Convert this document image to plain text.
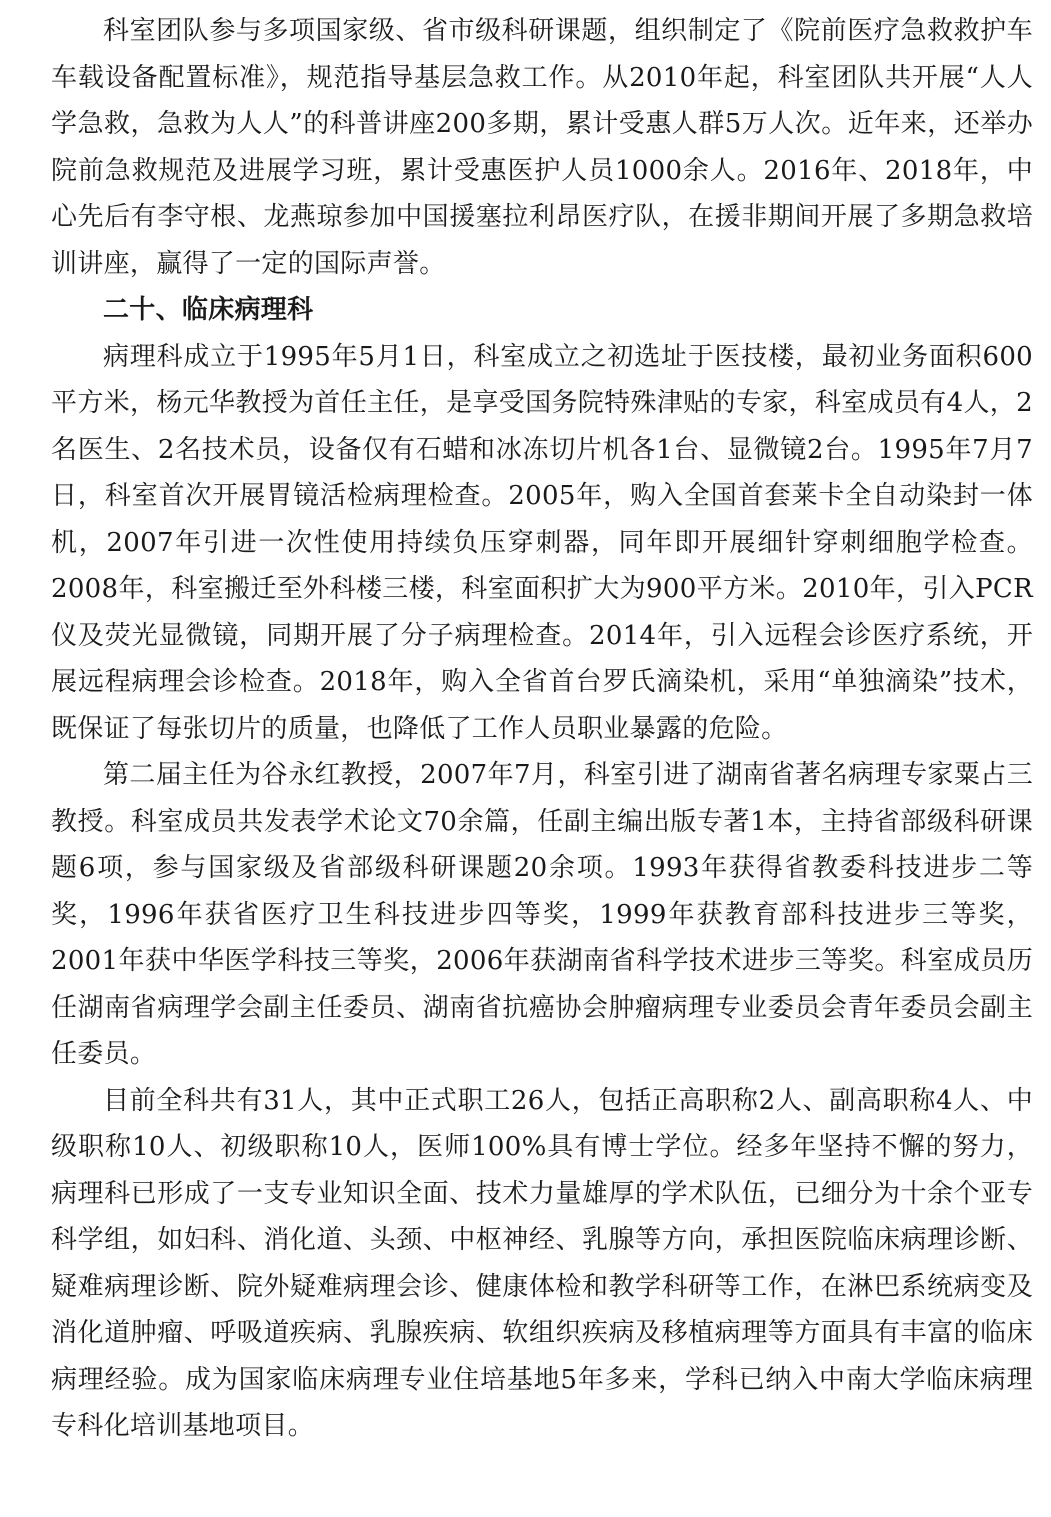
科室团队参与多项国家级、省市级科研课题，组织制定了《院前医疗急救救护车车载设备配置标准》，规范指导基层急救工作。从2010年起，科室团队共开展“人人学急救，急救为人人”的科普讲座200多期，累计受惠人群5万人次。近年来，还举办院前急救规范及进展学习班，累计受惠医护人员1000余人。2016年、2018年，中心先后有李守根、龙燕琼参加中国援塞拉利昂医疗队，在援非期间开展了多期急救培训讲座，赢得了一定的国际声誉。

二十、临床病理科

病理科成立于1995年5月1日，科室成立之初选址于医技楼，最初业务面积600平方米，杨元华教授为首任主任，是享受国务院特殊津贴的专家，科室成员有4人，2名医生、2名技术员，设备仅有石蜡和冰冻切片机各1台、显微镜2台。1995年7月7日，科室首次开展胃镜活检病理检查。2005年，购入全国首套莱卡全自动染封一体机，2007年引进一次性使用持续负压穿刺器，同年即开展细针穿刺细胞学检查。2008年，科室搬迁至外科楼三楼，科室面积扩大为900平方米。2010年，引入PCR仪及荧光显微镜，同期开展了分子病理检查。2014年，引入远程会诊医疗系统，开展远程病理会诊检查。2018年，购入全省首台罗氏滴染机，采用“单独滴染”技术，既保证了每张切片的质量，也降低了工作人员职业暴露的危险。

第二届主任为谷永红教授，2007年7月，科室引进了湖南省著名病理专家粟占三教授。科室成员共发表学术论文70余篇，任副主编出版专著1本，主持省部级科研课题6项，参与国家级及省部级科研课题20余项。1993年获得省教委科技进步二等奖，1996年获省医疗卫生科技进步四等奖，1999年获教育部科技进步三等奖，2001年获中华医学科技三等奖，2006年获湖南省科学技术进步三等奖。科室成员历任湖南省病理学会副主任委员、湖南省抗癌协会肿瘤病理专业委员会青年委员会副主任委员。

目前全科共有31人，其中正式职工26人，包括正高职称2人、副高职称4人、中级职称10人、初级职称10人，医师100%具有博士学位。经多年坚持不懈的努力，病理科已形成了一支专业知识全面、技术力量雄厚的学术队伍，已细分为十余个亚专科学组，如妇科、消化道、头颈、中枢神经、乳腺等方向，承担医院临床病理诊断、疑难病理诊断、院外疑难病理会诊、健康体检和教学科研等工作，在淋巴系统病变及消化道肿瘤、呼吸道疾病、乳腺疾病、软组织疾病及移植病理等方面具有丰富的临床病理经验。成为国家临床病理专业住培基地5年多来，学科已纳入中南大学临床病理专科化培训基地项目。
